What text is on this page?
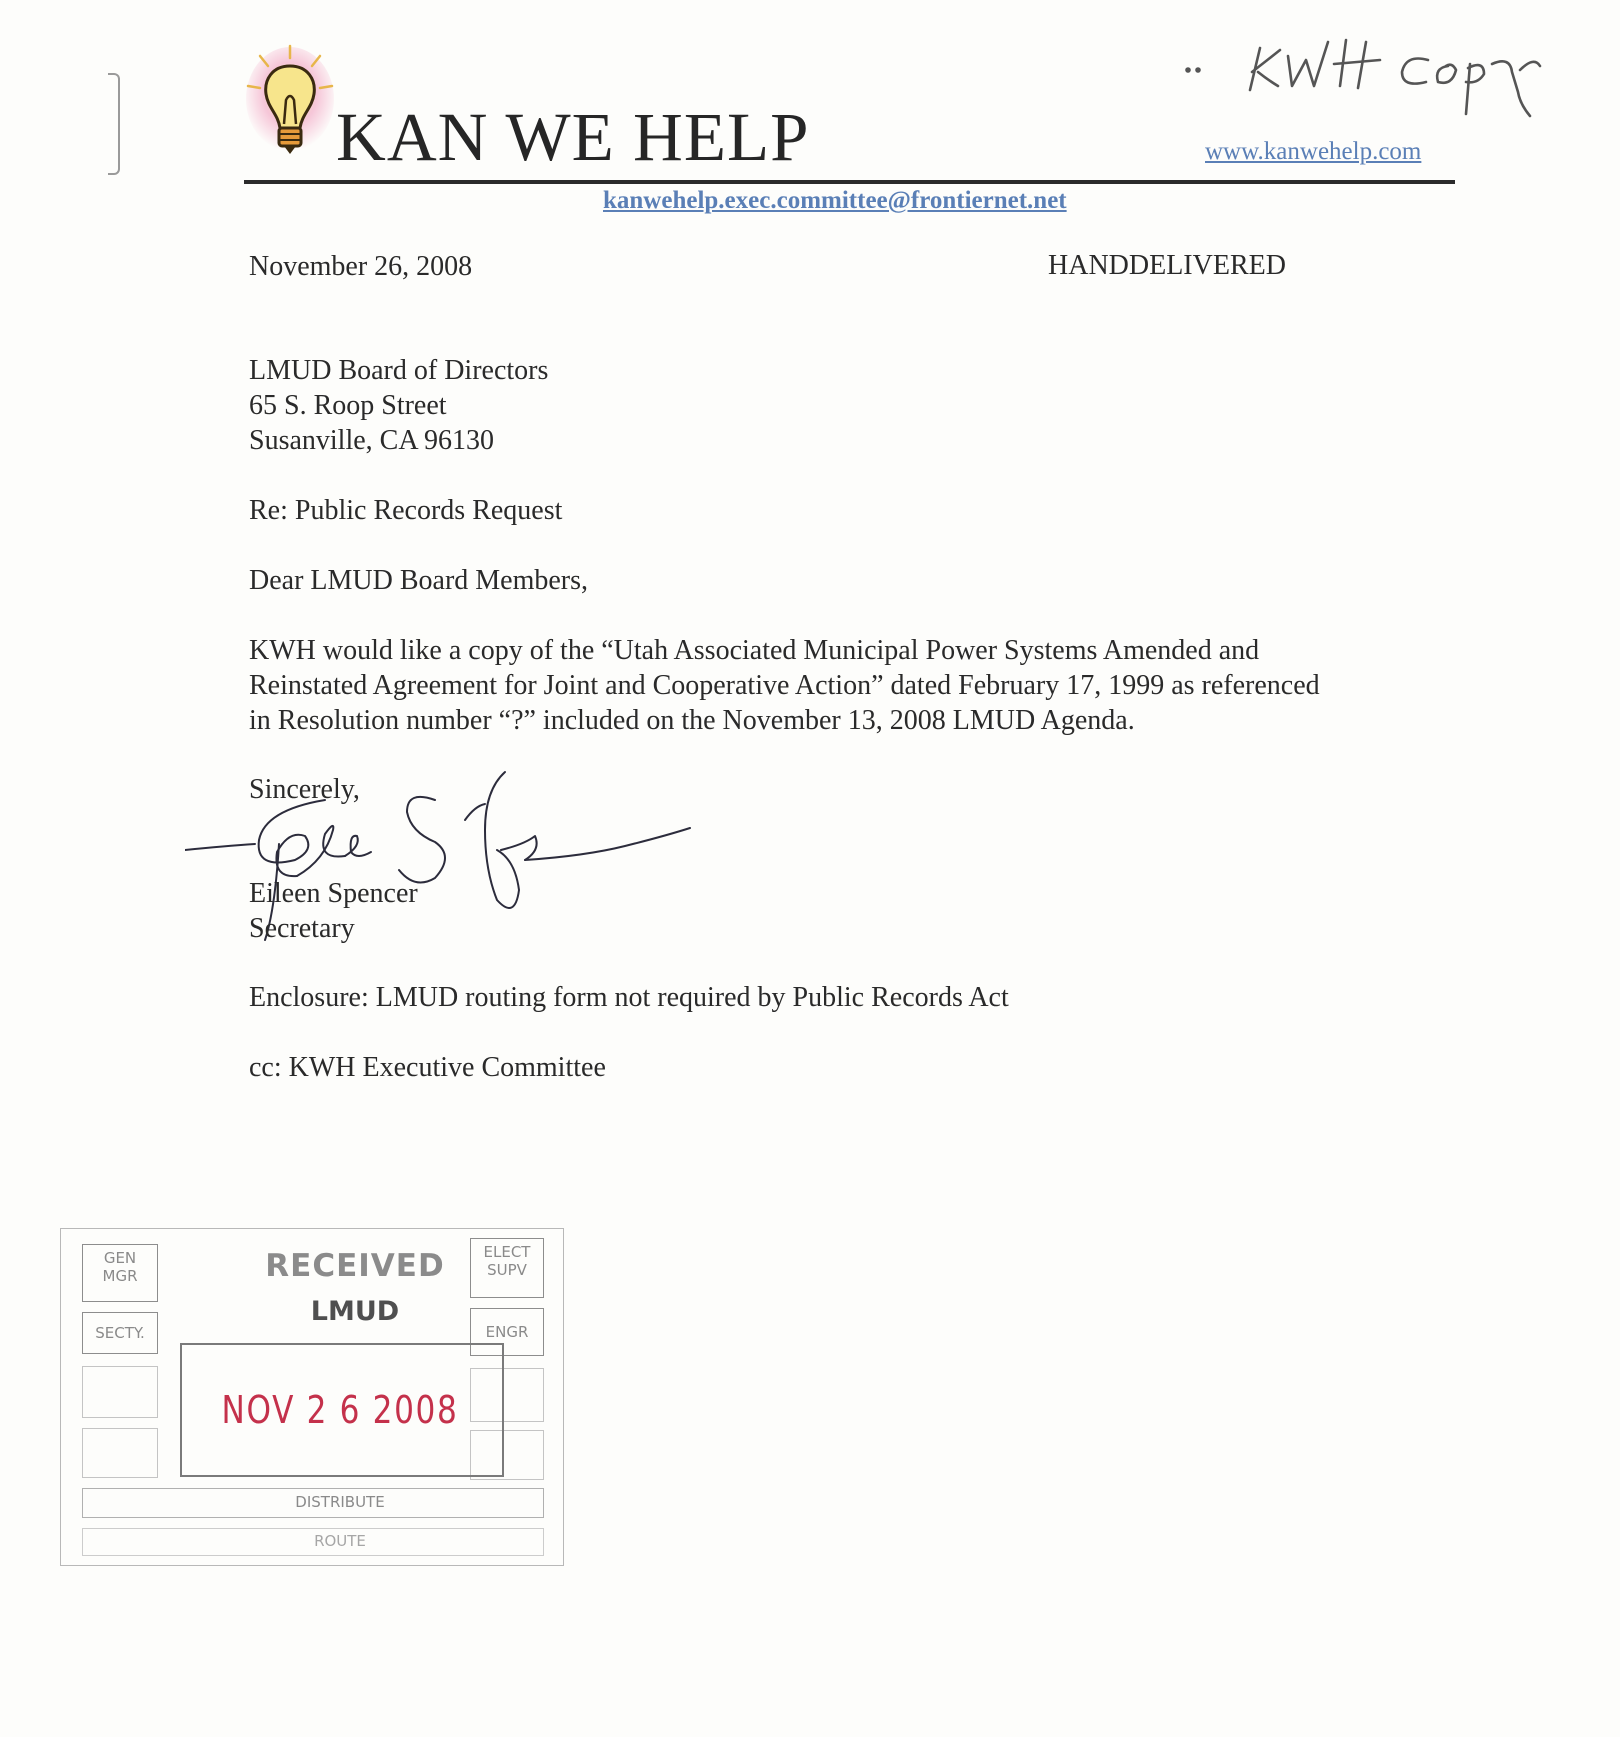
KAN WE HELP	www.kanwehelp.com
kanwehelp.exec.committee@frontiernet.net
November 26, 2008	HANDDELIVERED
LMUD Board of Directors
65 S. Roop Street
Susanville, CA 96130
Re: Public Records Request
Dear LMUD Board Members,
KWH would like a copy of the “Utah Associated Municipal Power Systems Amended and
Reinstated Agreement for Joint and Cooperative Action” dated February 17, 1999 as referenced
in Resolution number “?” included on the November 13, 2008 LMUD Agenda.
Sincerely,
Eileen Spencer
Secretary
Enclosure: LMUD routing form not required by Public Records Act
cc: KWH Executive Committee
GEN
MGR
SECTY.
ELECT
SUPV
ENGR
RECEIVED
LMUD
NOV 2 6 2008
DISTRIBUTE
ROUTE
